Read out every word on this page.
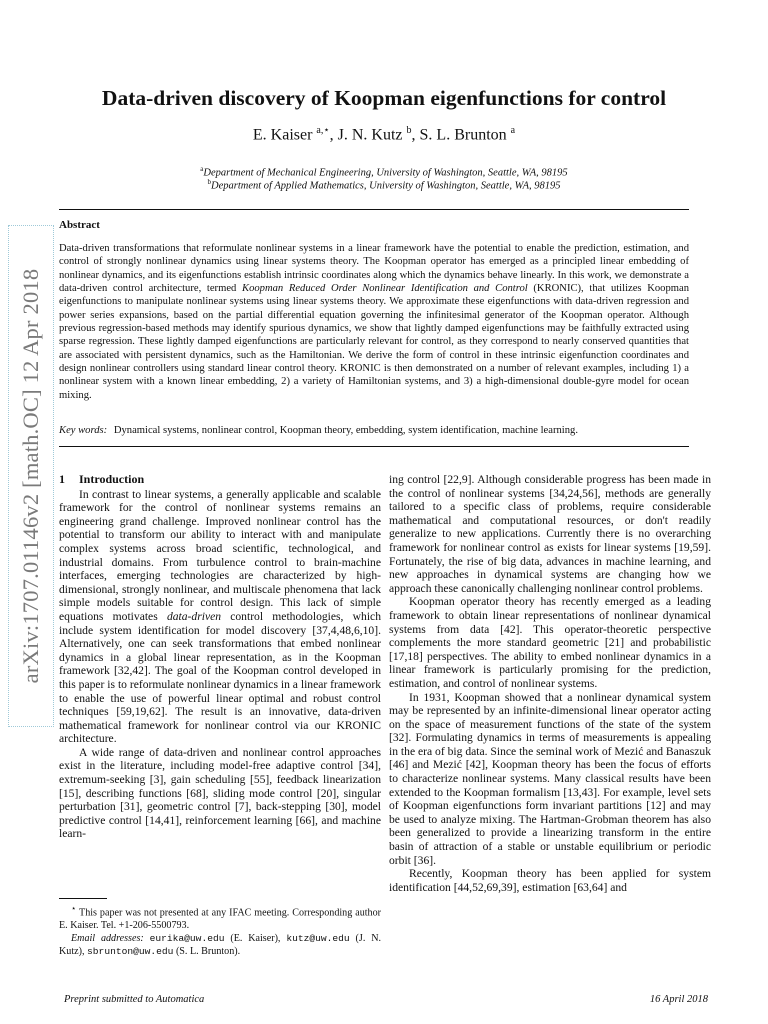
arXiv:1707.01146v2 [math.OC] 12 Apr 2018
Data-driven discovery of Koopman eigenfunctions for control
E. Kaiser $^{a,⋆}$, J. N. Kutz $^b$, S. L. Brunton $^a$
$^a$Department of Mechanical Engineering, University of Washington, Seattle, WA, 98195
$^b$Department of Applied Mathematics, University of Washington, Seattle, WA, 98195
Abstract

Data-driven transformations that reformulate nonlinear systems in a linear framework have the potential to enable the prediction, estimation, and control of strongly nonlinear dynamics using linear systems theory. The Koopman operator has emerged as a principled linear embedding of nonlinear dynamics, and its eigenfunctions establish intrinsic coordinates along which the dynamics behave linearly. In this work, we demonstrate a data-driven control architecture, termed Koopman Reduced Order Nonlinear Identification and Control (KRONIC), that utilizes Koopman eigenfunctions to manipulate nonlinear systems using linear systems theory. We approximate these eigenfunctions with data-driven regression and power series expansions, based on the partial differential equation governing the infinitesimal generator of the Koopman operator. Although previous regression-based methods may identify spurious dynamics, we show that lightly damped eigenfunctions may be faithfully extracted using sparse regression. These lightly damped eigenfunctions are particularly relevant for control, as they correspond to nearly conserved quantities that are associated with persistent dynamics, such as the Hamiltonian. We derive the form of control in these intrinsic eigenfunction coordinates and design nonlinear controllers using standard linear control theory. KRONIC is then demonstrated on a number of relevant examples, including 1) a nonlinear system with a known linear embedding, 2) a variety of Hamiltonian systems, and 3) a high-dimensional double-gyre model for ocean mixing.

Key words: Dynamical systems, nonlinear control, Koopman theory, embedding, system identification, machine learning.

1 Introduction

In contrast to linear systems, a generally applicable and scalable framework for the control of nonlinear systems remains an engineering grand challenge. Improved nonlinear control has the potential to transform our ability to interact with and manipulate complex systems across broad scientific, technological, and industrial domains. From turbulence control to brain-machine interfaces, emerging technologies are characterized by high-dimensional, strongly nonlinear, and multiscale phenomena that lack simple models suitable for control design. This lack of simple equations motivates data-driven control methodologies, which include system identification for model discovery [37,4,48,6,10]. Alternatively, one can seek transformations that embed nonlinear dynamics in a global linear representation, as in the Koopman framework [32,42]. The goal of the Koopman control developed in this paper is to reformulate nonlinear dynamics in a linear framework to enable the use of powerful linear optimal and robust control techniques [59,19,62]. The result is an innovative, data-driven mathematical framework for nonlinear control via our KRONIC architecture.

A wide range of data-driven and nonlinear control approaches exist in the literature, including model-free adaptive control [34], extremum-seeking [3], gain scheduling [55], feedback linearization [15], describing functions [68], sliding mode control [20], singular perturbation [31], geometric control [7], back-stepping [30], model predictive control [14,41], reinforcement learning [66], and machine learn-

ing control [22,9]. Although considerable progress has been made in the control of nonlinear systems [34,24,56], methods are generally tailored to a specific class of problems, require considerable mathematical and computational resources, or don't readily generalize to new applications. Currently there is no overarching framework for nonlinear control as exists for linear systems [19,59]. Fortunately, the rise of big data, advances in machine learning, and new approaches in dynamical systems are changing how we approach these canonically challenging nonlinear control problems.

Koopman operator theory has recently emerged as a leading framework to obtain linear representations of nonlinear dynamical systems from data [42]. This operator-theoretic perspective complements the more standard geometric [21] and probabilistic [17,18] perspectives. The ability to embed nonlinear dynamics in a linear framework is particularly promising for the prediction, estimation, and control of nonlinear systems.

In 1931, Koopman showed that a nonlinear dynamical system may be represented by an infinite-dimensional linear operator acting on the space of measurement functions of the state of the system [32]. Formulating dynamics in terms of measurements is appealing in the era of big data. Since the seminal work of Mezić and Banaszuk [46] and Mezić [42], Koopman theory has been the focus of efforts to characterize nonlinear systems. Many classical results have been extended to the Koopman formalism [13,43]. For example, level sets of Koopman eigenfunctions form invariant partitions [12] and may be used to analyze mixing. The Hartman-Grobman theorem has also been generalized to provide a linearizing transform in the entire basin of attraction of a stable or unstable equilibrium or periodic orbit [36].

Recently, Koopman theory has been applied for system identification [44,52,69,39], estimation [63,64] and

⋆ This paper was not presented at any IFAC meeting. Corresponding author E. Kaiser. Tel. +1-206-5500793.

Email addresses: eurika@uw.edu (E. Kaiser), kutz@uw.edu (J. N. Kutz), sbrunton@uw.edu (S. L. Brunton).

Preprint submitted to Automatica	16 April 2018
